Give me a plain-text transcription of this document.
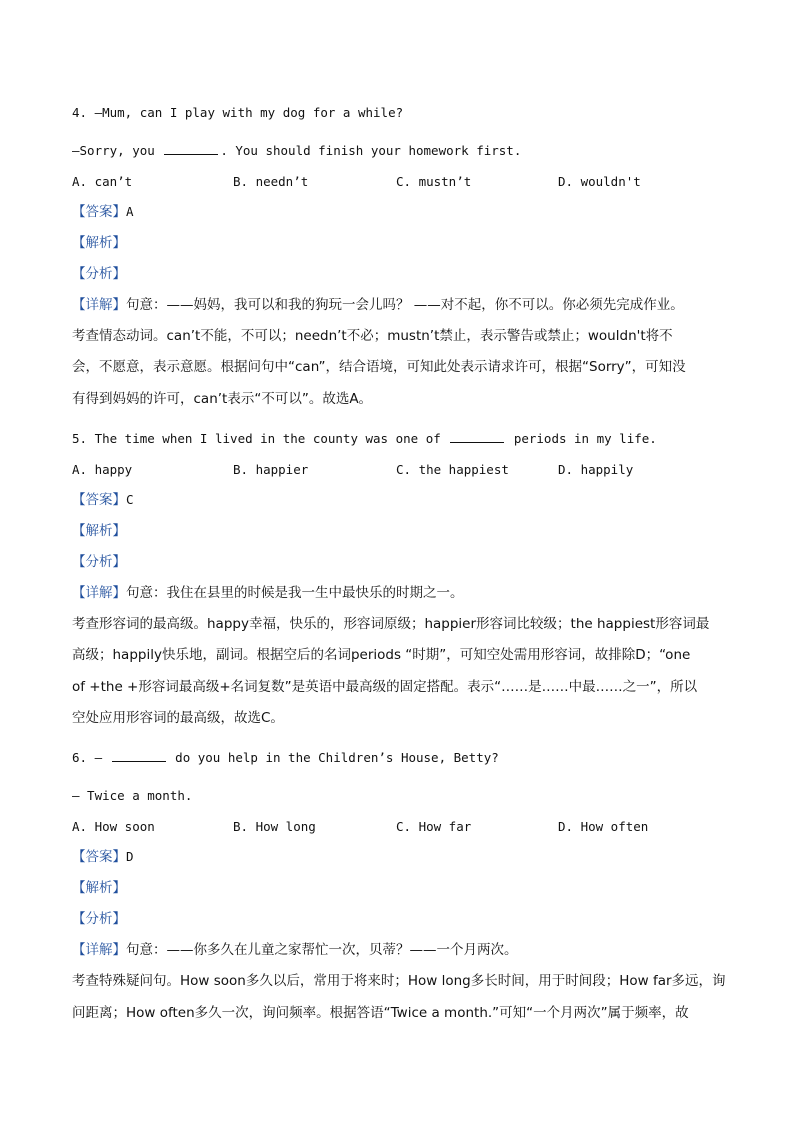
4. —Mum, can I play with my dog for a while?
—Sorry, you	. You should finish your homework first.
A. can’t	B. needn’t	C. mustn’t	D. wouldn't
【答案】A
【解析】
【分析】
【详解】句意：——妈妈，我可以和我的狗玩一会儿吗？ ——对不起，你不可以。你必须先完成作业。
考查情态动词。can’t不能，不可以；needn’t不必；mustn’t禁止，表示警告或禁止；wouldn't将不
会，不愿意，表示意愿。根据问句中“can”，结合语境，可知此处表示请求许可，根据“Sorry”，可知没
有得到妈妈的许可，can’t表示“不可以”。故选A。
5. The time when I lived in the county was one of	periods in my life.
A. happy	B. happier	C. the happiest	D. happily
【答案】C
【解析】
【分析】
【详解】句意：我住在县里的时候是我一生中最快乐的时期之一。
考查形容词的最高级。happy幸福，快乐的，形容词原级；happier形容词比较级；the happiest形容词最
高级；happily快乐地，副词。根据空后的名词periods “时期”，可知空处需用形容词，故排除D；“one
of +the +形容词最高级+名词复数”是英语中最高级的固定搭配。表示“……是……中最……之一”，所以
空处应用形容词的最高级，故选C。
6. —	do you help in the Children’s House, Betty?
— Twice a month.
A. How soon	B. How long	C. How far	D. How often
【答案】D
【解析】
【分析】
【详解】句意：——你多久在儿童之家帮忙一次，贝蒂？——一个月两次。
考查特殊疑问句。How soon多久以后，常用于将来时；How long多长时间，用于时间段；How far多远，询
问距离；How often多久一次，询问频率。根据答语“Twice a month.”可知“一个月两次”属于频率，故
